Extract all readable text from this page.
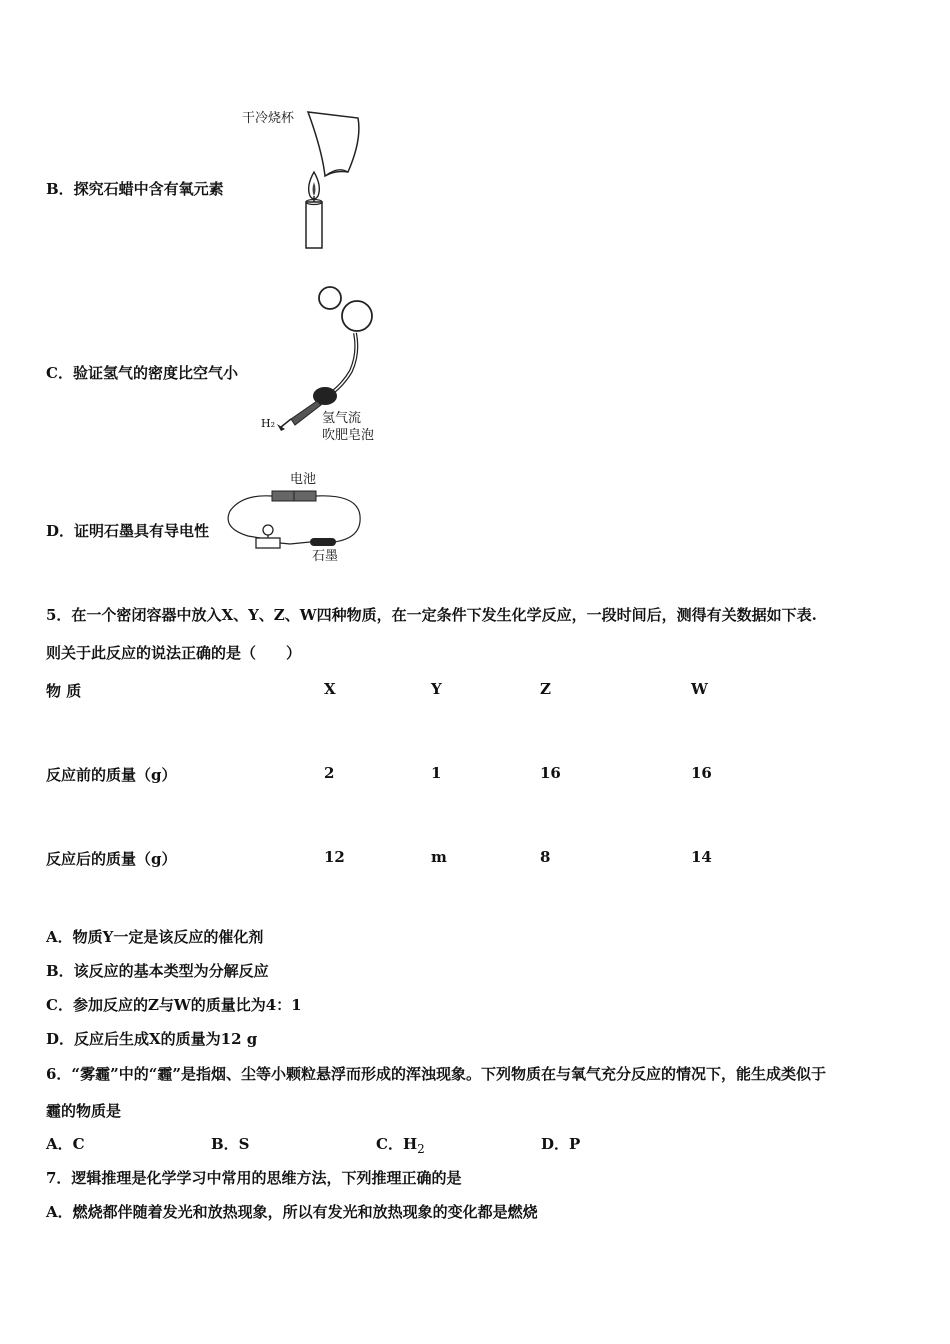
B．探究石蜡中含有氧元素
干冷烧杯
C．验证氢气的密度比空气小
H₂	氢气流
吹肥皂泡
D．证明石墨具有导电性
电池
石墨
5．在一个密闭容器中放入X、Y、Z、W四种物质，在一定条件下发生化学反应，一段时间后，测得有关数据如下表.
则关于此反应的说法正确的是（　　）
物 质	X	Y	Z	W
反应前的质量（g）	2	1	16	16
反应后的质量（g）	12	m	8	14
A．物质Y一定是该反应的催化剂
B．该反应的基本类型为分解反应
C．参加反应的Z与W的质量比为4：1
D．反应后生成X的质量为12 g
6．“雾霾”中的“霾”是指烟、尘等小颗粒悬浮而形成的浑浊现象。下列物质在与氧气充分反应的情况下，能生成类似于
霾的物质是
A．C	B．S	C．$H_2$	D．P
7．逻辑推理是化学学习中常用的思维方法，下列推理正确的是
A．燃烧都伴随着发光和放热现象，所以有发光和放热现象的变化都是燃烧
